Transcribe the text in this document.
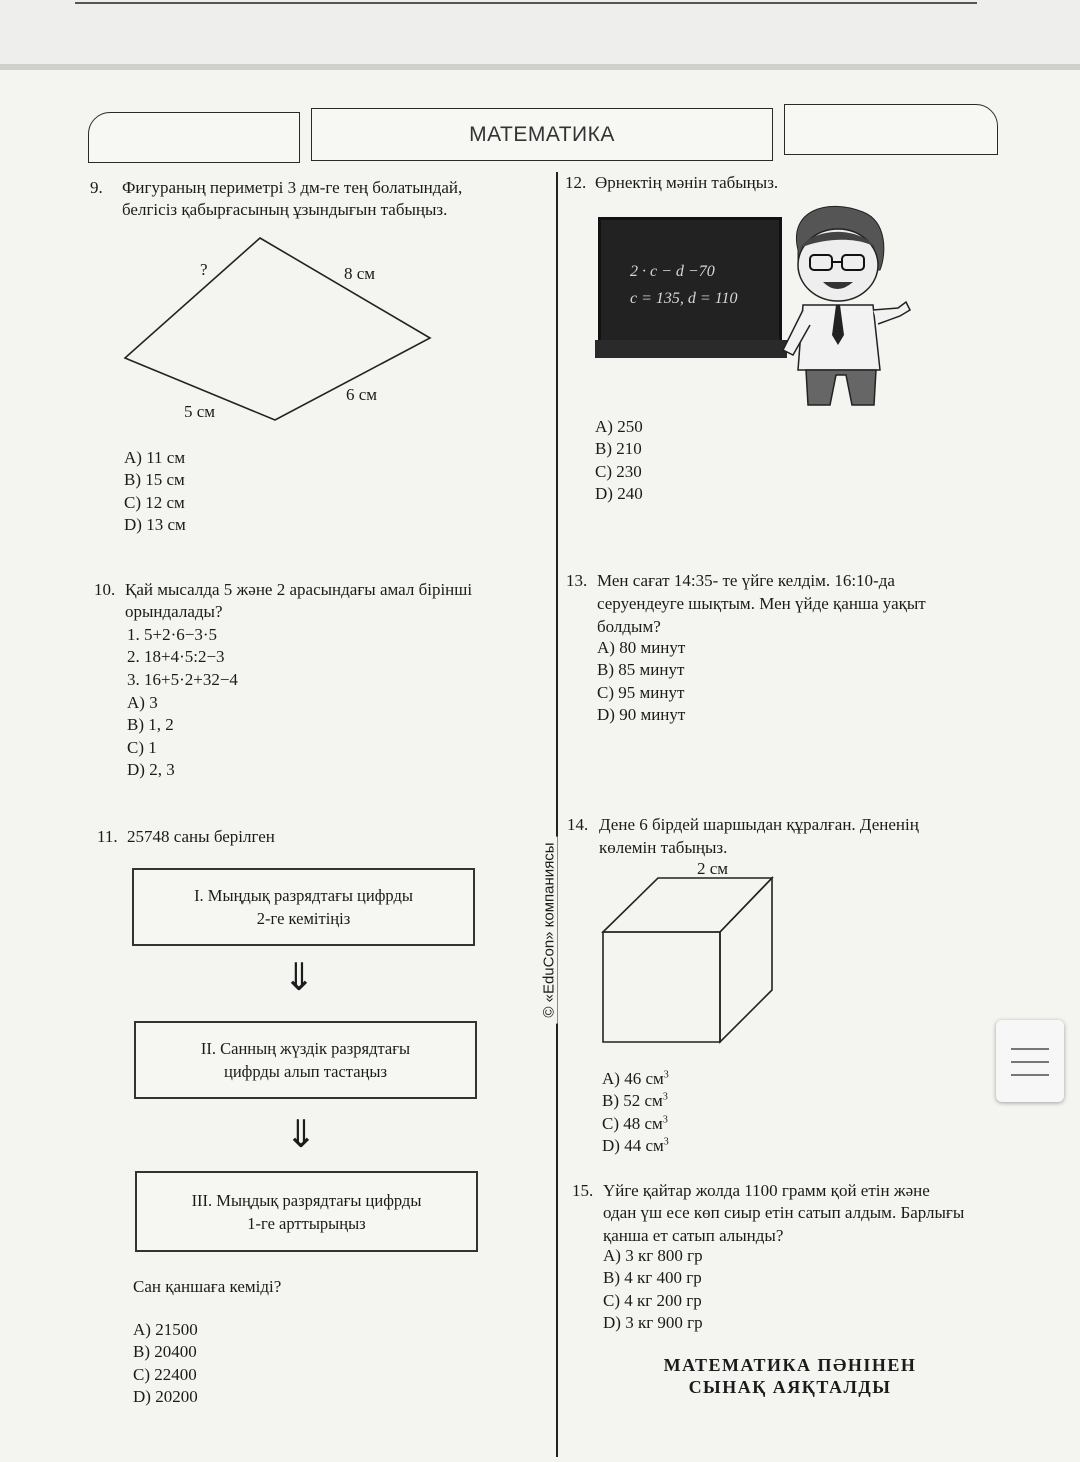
МАТЕМАТИКА
© «EduCon» компаниясы
9. Фигураның периметрі 3 дм-ге тең болатындай,
белгісіз қабырғасының ұзындығын табыңыз.
?	8 см
6 см
5 см
A) 11 см
B) 15 см
C) 12 см
D) 13 см
10. Қай мысалда 5 және 2 арасындағы амал бірінші
орындалады?
1. 5+2·6−3·5
2. 18+4·5:2−3
3. 16+5·2+32−4
A) 3
B) 1, 2
C) 1
D) 2, 3
11. 25748 саны берілген
I. Мыңдық разрядтағы цифрды
2-ге кемітіңіз
⇓
II. Санның жүздік разрядтағы
цифрды алып тастаңыз
⇓
III. Мыңдық разрядтағы цифрды
1-ге арттырыңыз
Сан қаншаға кеміді?
A) 21500
B) 20400
C) 22400
D) 20200
12. Өрнектің мәнін табыңыз.
2 · c − d −70
c = 135, d = 110
A) 250
B) 210
C) 230
D) 240
13. Мен сағат 14:35- те үйге келдім. 16:10-да
серуендеуге шықтым. Мен үйде қанша уақыт
болдым?
A) 80 минут
B) 85 минут
C) 95 минут
D) 90 минут
14. Дене 6 бірдей шаршыдан құралған. Дененің
көлемін табыңыз.
2 см
A) 46 $см^3$
B) 52 $см^3$
C) 48 $см^3$
D) 44 $см^3$
15. Үйге қайтар жолда 1100 грамм қой етін және
одан үш есе көп сиыр етін сатып алдым. Барлығы
қанша ет сатып алынды?
A) 3 кг 800 гр
B) 4 кг 400 гр
C) 4 кг 200 гр
D) 3 кг 900 гр
МАТЕМАТИКА ПӘНІНЕН
СЫНАҚ АЯҚТАЛДЫ
